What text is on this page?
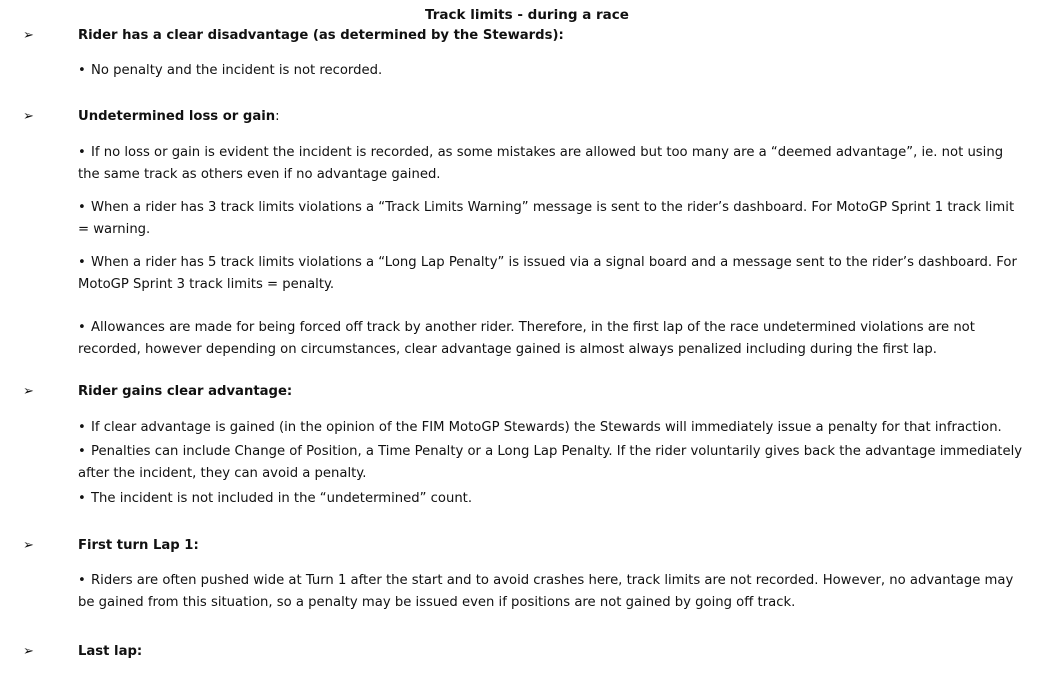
Track limits - during a race
➢	Rider has a clear disadvantage (as determined by the Stewards):

• No penalty and the incident is not recorded.

➢	Undetermined loss or gain:

• If no loss or gain is evident the incident is recorded, as some mistakes are allowed but too many are a “deemed advantage”, ie. not using the same track as others even if no advantage gained.

• When a rider has 3 track limits violations a “Track Limits Warning” message is sent to the rider’s dashboard. For MotoGP Sprint 1 track limit = warning.

• When a rider has 5 track limits violations a “Long Lap Penalty” is issued via a signal board and a message sent to the rider’s dashboard. For MotoGP Sprint 3 track limits = penalty.

• Allowances are made for being forced off track by another rider. Therefore, in the first lap of the race undetermined violations are not recorded, however depending on circumstances, clear advantage gained is almost always penalized including during the first lap.

➢	Rider gains clear advantage:

• If clear advantage is gained (in the opinion of the FIM MotoGP Stewards) the Stewards will immediately issue a penalty for that infraction.

• Penalties can include Change of Position, a Time Penalty or a Long Lap Penalty. If the rider voluntarily gives back the advantage immediately after the incident, they can avoid a penalty.

• The incident is not included in the “undetermined” count.

➢	First turn Lap 1:

• Riders are often pushed wide at Turn 1 after the start and to avoid crashes here, track limits are not recorded. However, no advantage may be gained from this situation, so a penalty may be issued even if positions are not gained by going off track.

➢	Last lap:
